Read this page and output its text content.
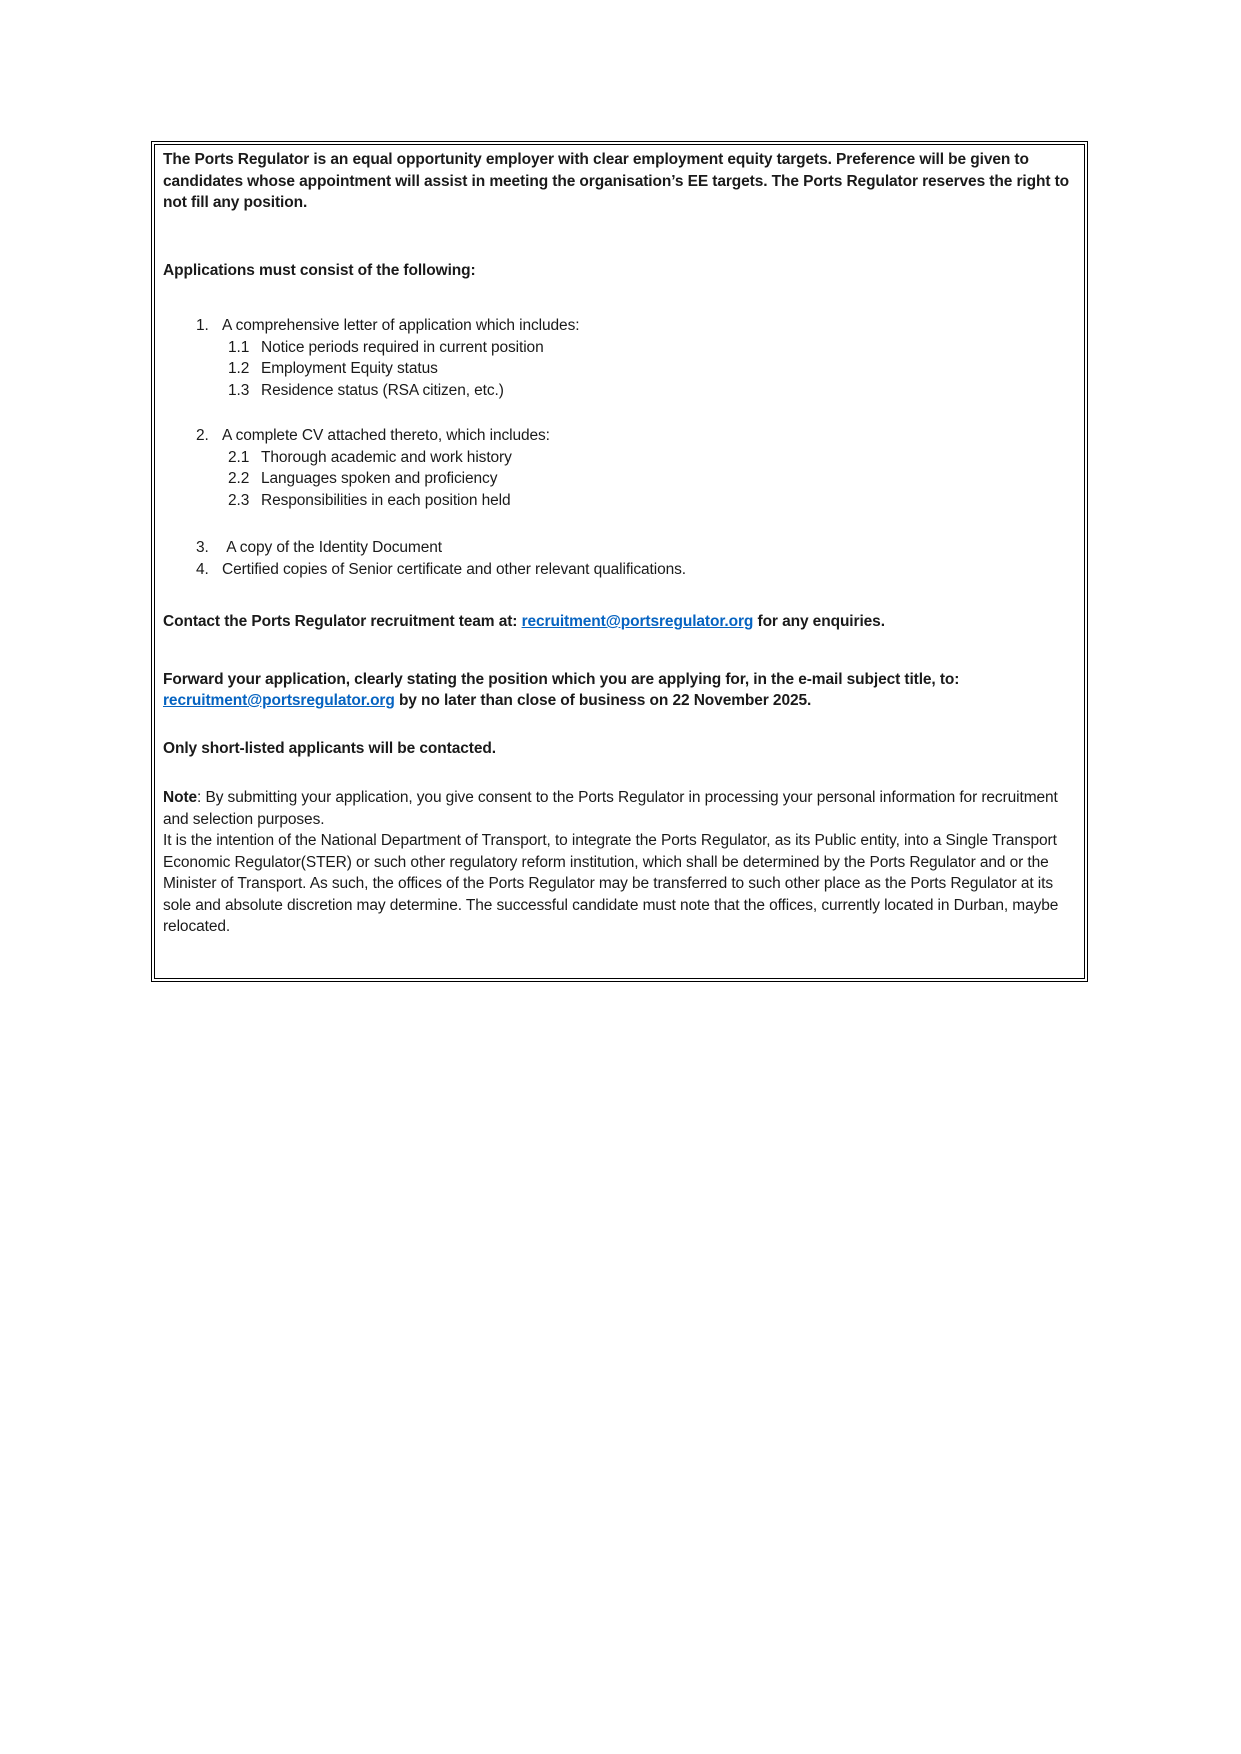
The Ports Regulator is an equal opportunity employer with clear employment equity targets. Preference will be given to candidates whose appointment will assist in meeting the organisation’s EE targets. The Ports Regulator reserves the right to not fill any position.
Applications must consist of the following:
1. A comprehensive letter of application which includes:
1.1 Notice periods required in current position
1.2 Employment Equity status
1.3 Residence status (RSA citizen, etc.)
2. A complete CV attached thereto, which includes:
2.1 Thorough academic and work history
2.2 Languages spoken and proficiency
2.3 Responsibilities in each position held
3. A copy of the Identity Document
4. Certified copies of Senior certificate and other relevant qualifications.
Contact the Ports Regulator recruitment team at: recruitment@portsregulator.org for any enquiries.
Forward your application, clearly stating the position which you are applying for, in the e-mail subject title, to: recruitment@portsregulator.org by no later than close of business on 22 November 2025.
Only short-listed applicants will be contacted.
Note: By submitting your application, you give consent to the Ports Regulator in processing your personal information for recruitment and selection purposes.
It is the intention of the National Department of Transport, to integrate the Ports Regulator, as its Public entity, into a Single Transport Economic Regulator(STER) or such other regulatory reform institution, which shall be determined by the Ports Regulator and or the Minister of Transport. As such, the offices of the Ports Regulator may be transferred to such other place as the Ports Regulator at its sole and absolute discretion may determine. The successful candidate must note that the offices, currently located in Durban, maybe relocated.
